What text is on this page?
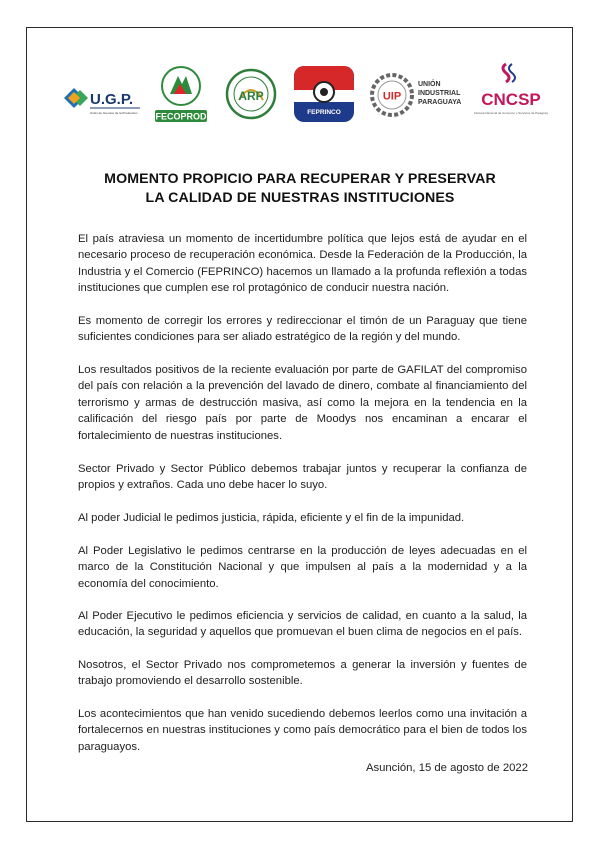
U.G.P.
Unión de Gremios de la Producción FECOPROD
ARP
FEPRINCO
UIP
UNIÓN
INDUSTRIAL
PARAGUAYA CNCSP
Cámara Nacional de Comercio y Servicios de Paraguay
MOMENTO PROPICIO PARA RECUPERAR Y PRESERVAR
LA CALIDAD DE NUESTRAS INSTITUCIONES

El país atraviesa un momento de incertidumbre política que lejos está de ayudar en el necesario proceso de recuperación económica. Desde la Federación de la Producción, la Industria y el Comercio (FEPRINCO) hacemos un llamado a la profunda reflexión a todas instituciones que cumplen ese rol protagónico de conducir nuestra nación.

Es momento de corregir los errores y redireccionar el timón de un Paraguay que tiene suficientes condiciones para ser aliado estratégico de la región y del mundo.

Los resultados positivos de la reciente evaluación por parte de GAFILAT del compromiso del país con relación a la prevención del lavado de dinero, combate al financiamiento del terrorismo y armas de destrucción masiva, así como la mejora en la tendencia en la calificación del riesgo país por parte de Moodys nos encaminan a encarar el fortalecimiento de nuestras instituciones.

Sector Privado y Sector Público debemos trabajar juntos y recuperar la confianza de propios y extraños. Cada uno debe hacer lo suyo.

Al poder Judicial le pedimos justicia, rápida, eficiente y el fin de la impunidad.

Al Poder Legislativo le pedimos centrarse en la producción de leyes adecuadas en el marco de la Constitución Nacional y que impulsen al país a la modernidad y a la economía del conocimiento.

Al Poder Ejecutivo le pedimos eficiencia y servicios de calidad, en cuanto a la salud, la educación, la seguridad y aquellos que promuevan el buen clima de negocios en el país.

Nosotros, el Sector Privado nos comprometemos a generar la inversión y fuentes de trabajo promoviendo el desarrollo sostenible.

Los acontecimientos que han venido sucediendo debemos leerlos como una invitación a fortalecernos en nuestras instituciones y como país democrático para el bien de todos los paraguayos.

Asunción, 15 de agosto de 2022
